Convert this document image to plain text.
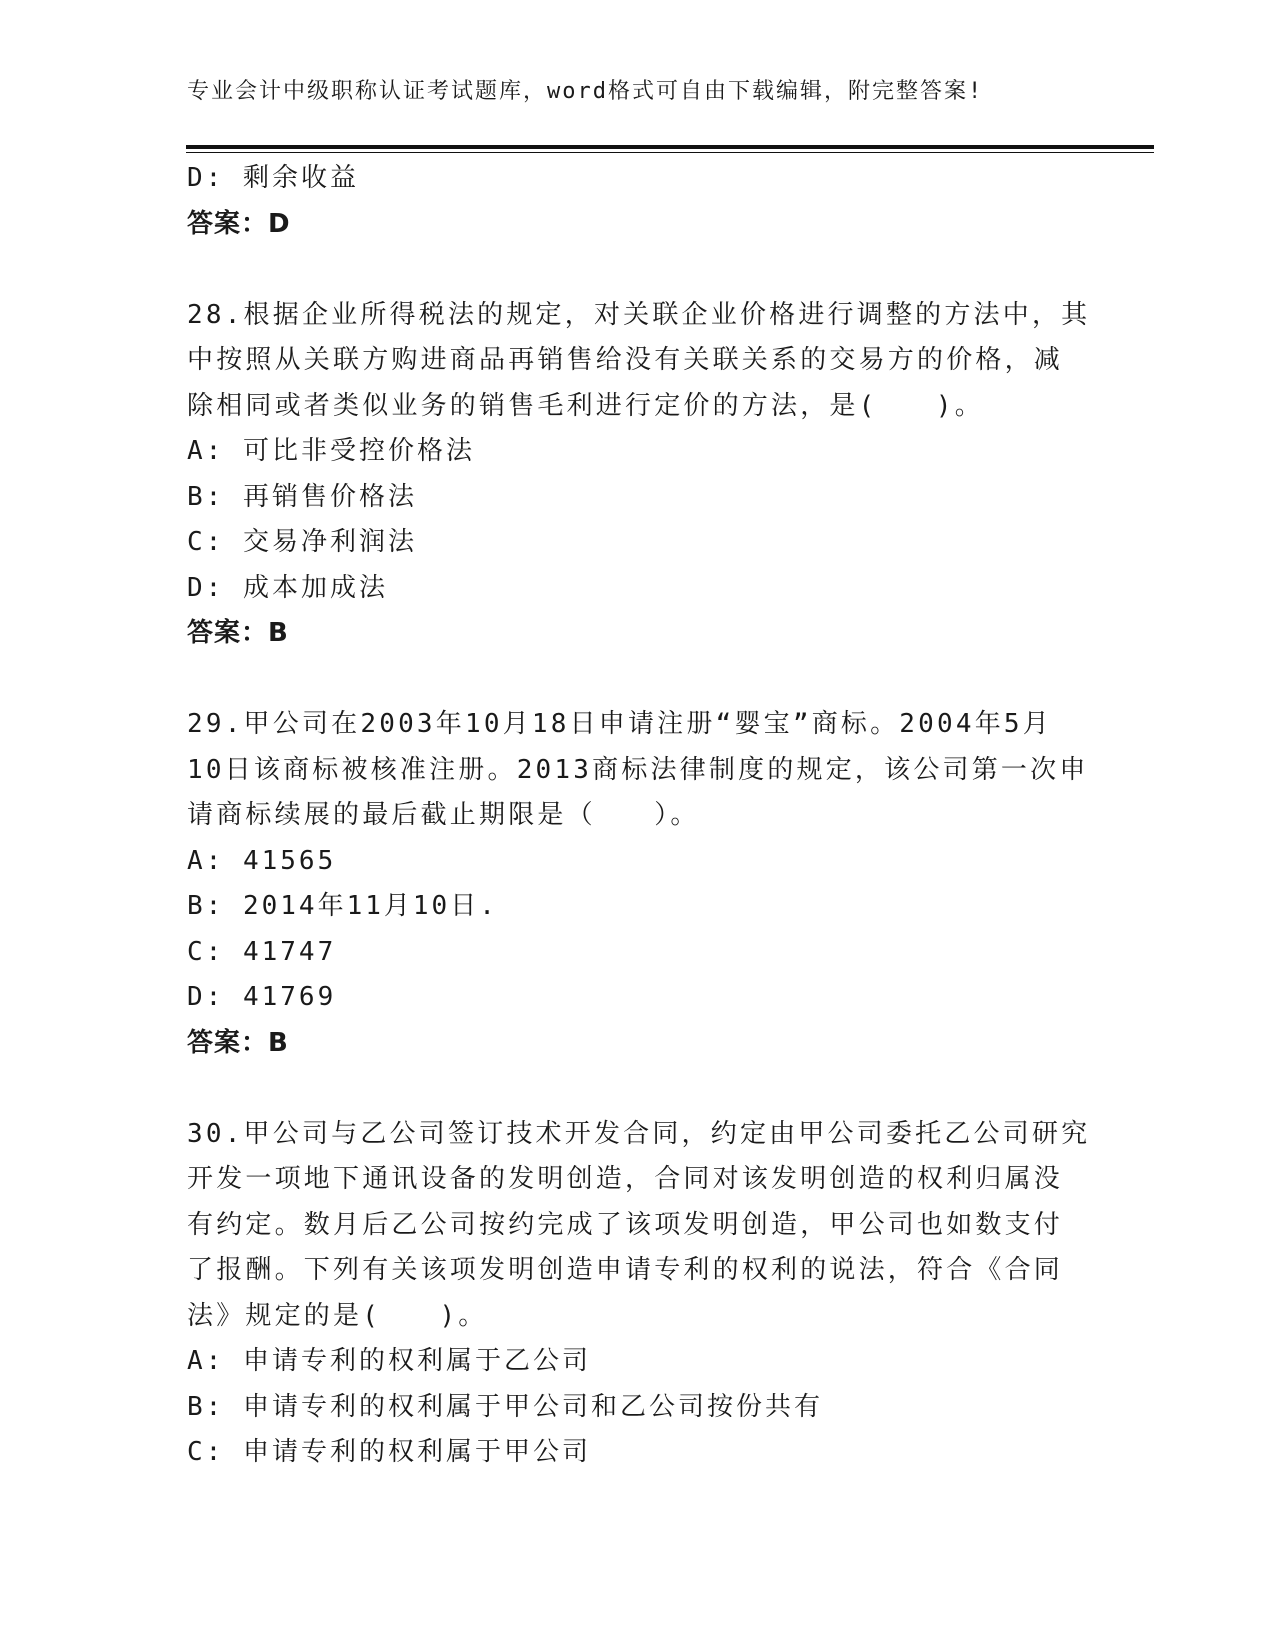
专业会计中级职称认证考试题库，word格式可自由下载编辑，附完整答案!
D: 剩余收益
答案：D
28.根据企业所得税法的规定，对关联企业价格进行调整的方法中，其
中按照从关联方购进商品再销售给没有关联关系的交易方的价格，减
除相同或者类似业务的销售毛利进行定价的方法，是(　　)。
A: 可比非受控价格法
B: 再销售价格法
C: 交易净利润法
D: 成本加成法
答案：B
29.甲公司在2003年10月18日申请注册“婴宝”商标。2004年5月
10日该商标被核准注册。2013商标法律制度的规定，该公司第一次申
请商标续展的最后截止期限是（　　）。
A: 41565
B: 2014年11月10日.
C: 41747
D: 41769
答案：B
30.甲公司与乙公司签订技术开发合同，约定由甲公司委托乙公司研究
开发一项地下通讯设备的发明创造，合同对该发明创造的权利归属没
有约定。数月后乙公司按约完成了该项发明创造，甲公司也如数支付
了报酬。下列有关该项发明创造申请专利的权利的说法，符合《合同
法》规定的是(　　)。
A: 申请专利的权利属于乙公司
B: 申请专利的权利属于甲公司和乙公司按份共有
C: 申请专利的权利属于甲公司
